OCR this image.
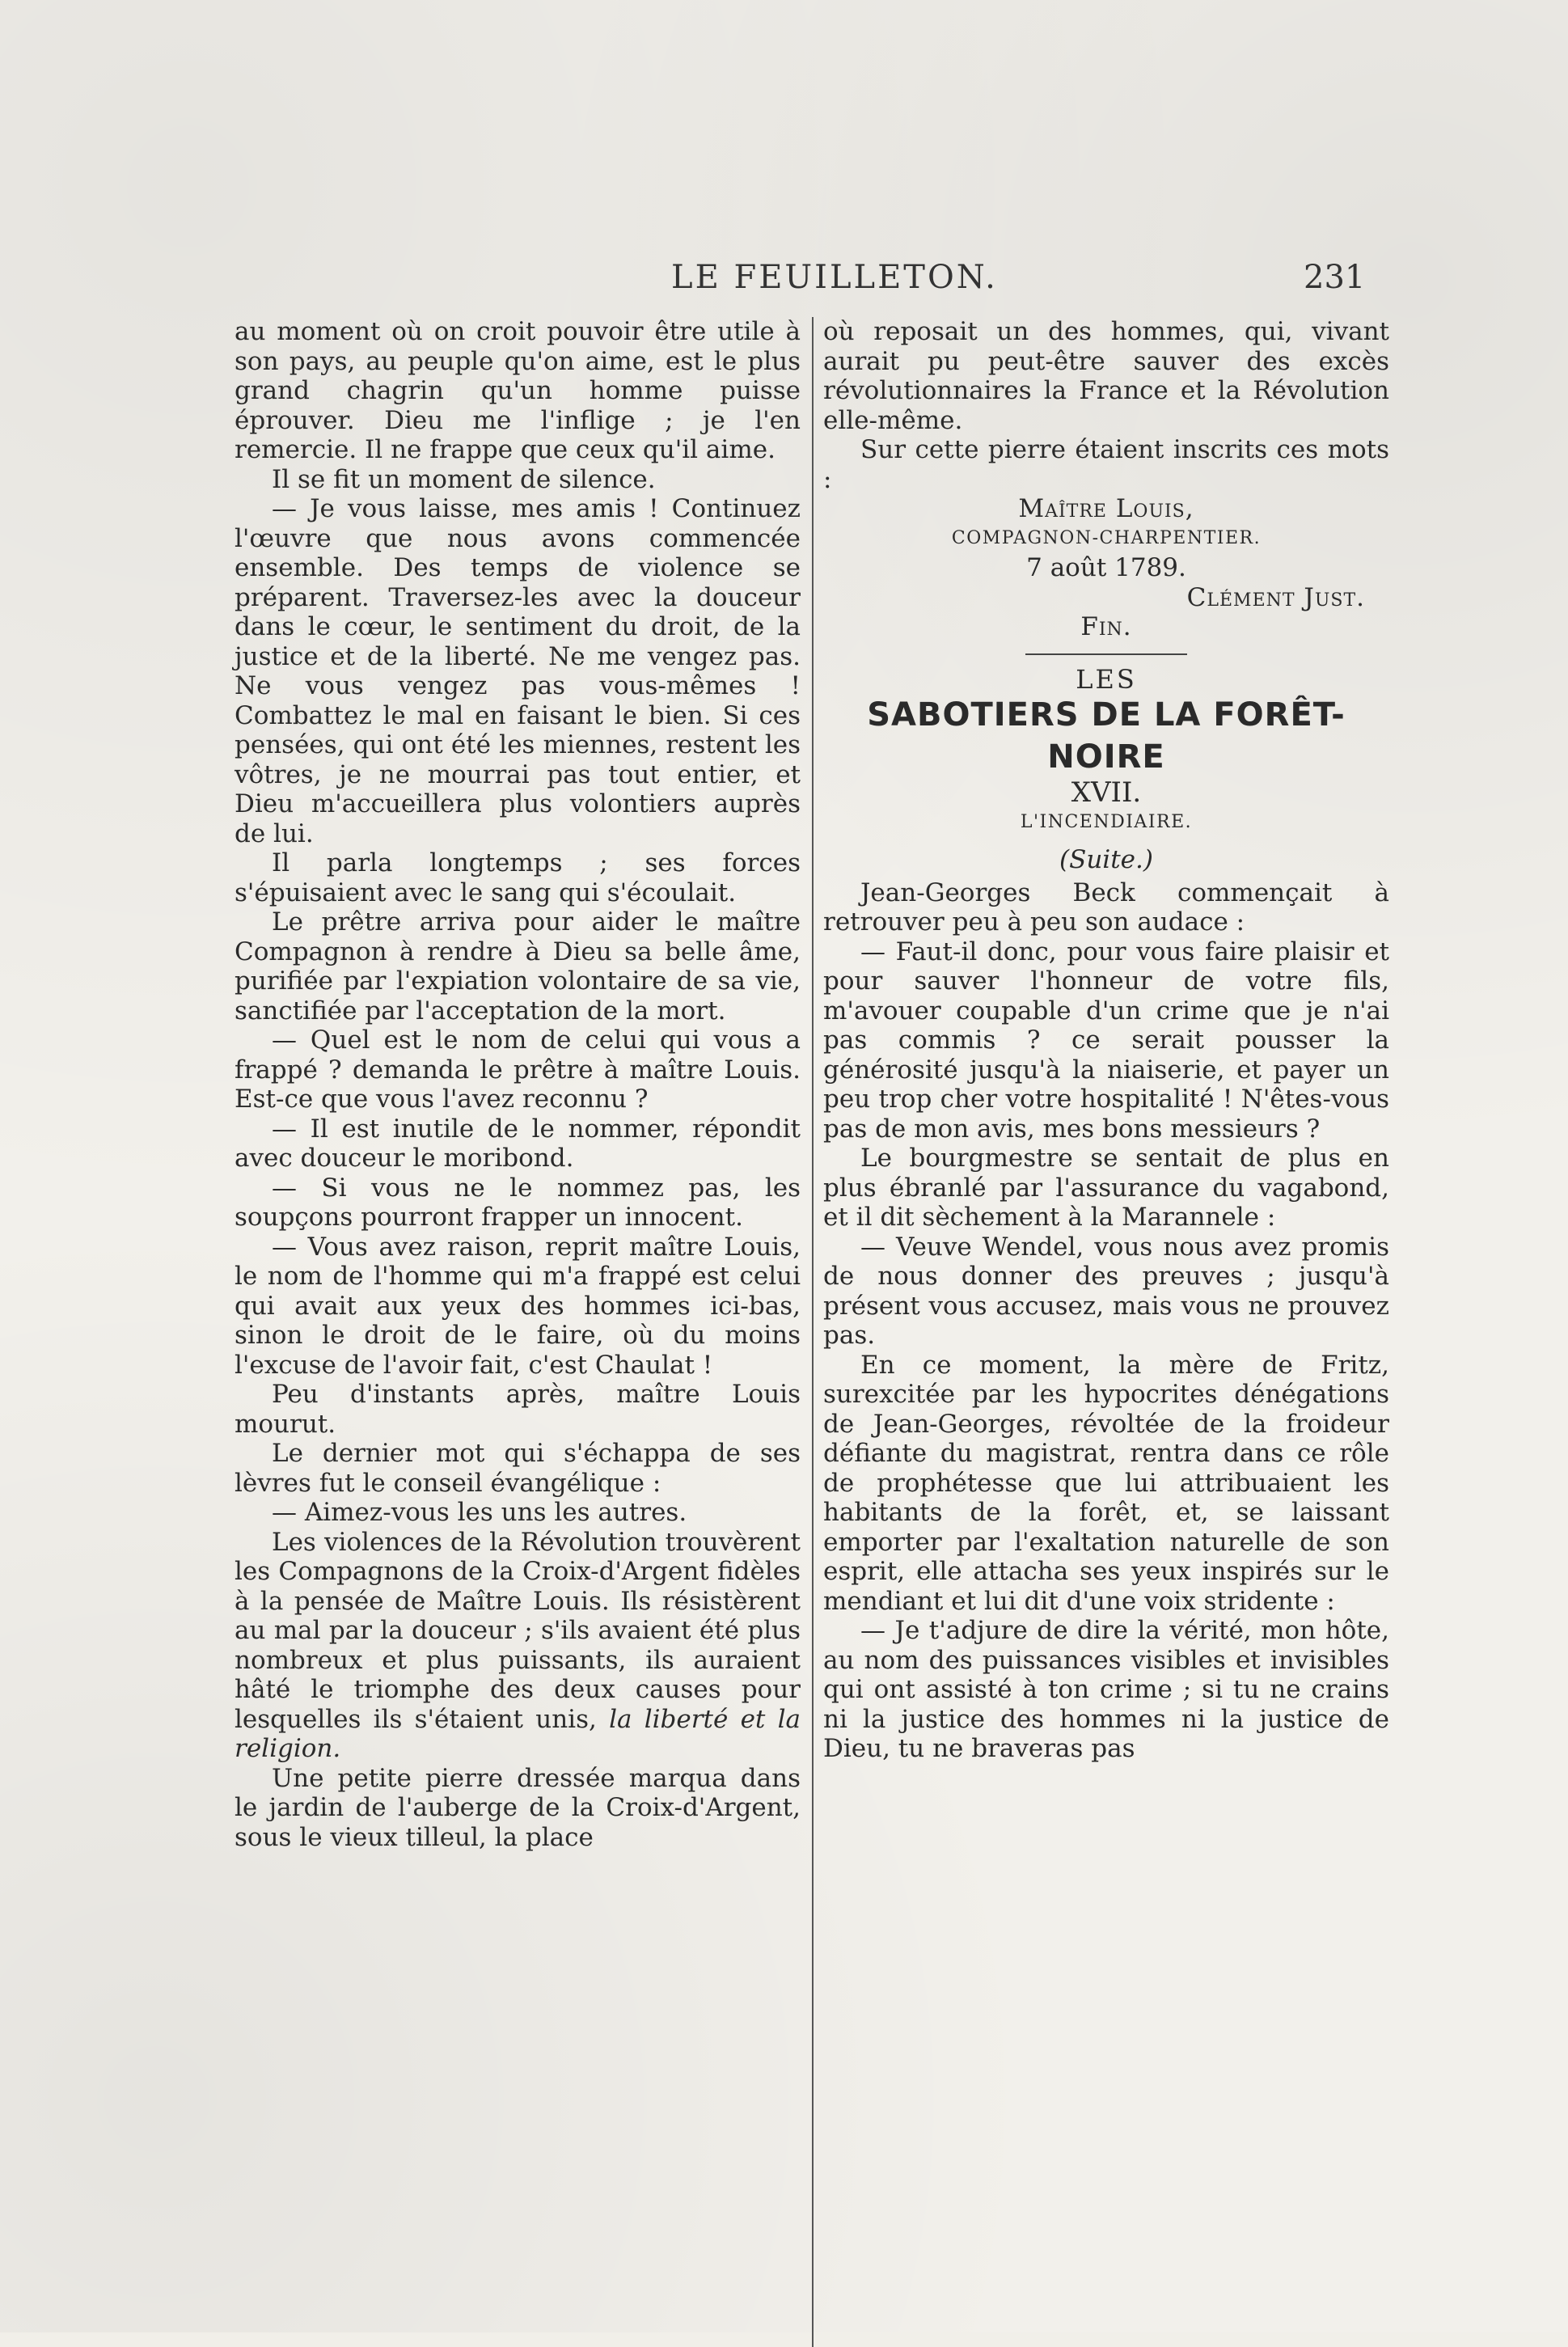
LE FEUILLETON.	231

au moment où on croit pouvoir être utile à son pays, au peuple qu'on aime, est le plus grand chagrin qu'un homme puisse éprouver. Dieu me l'inflige ; je l'en remercie. Il ne frappe que ceux qu'il aime.

Il se fit un moment de silence.

— Je vous laisse, mes amis ! Continuez l'œuvre que nous avons commencée ensemble. Des temps de violence se préparent. Traversez-les avec la douceur dans le cœur, le sentiment du droit, de la justice et de la liberté. Ne me vengez pas. Ne vous vengez pas vous-mêmes ! Combattez le mal en faisant le bien. Si ces pensées, qui ont été les miennes, restent les vôtres, je ne mourrai pas tout entier, et Dieu m'accueillera plus volontiers auprès de lui.

Il parla longtemps ; ses forces s'épuisaient avec le sang qui s'écoulait.

Le prêtre arriva pour aider le maître Compagnon à rendre à Dieu sa belle âme, purifiée par l'expiation volontaire de sa vie, sanctifiée par l'acceptation de la mort.

— Quel est le nom de celui qui vous a frappé ? demanda le prêtre à maître Louis. Est-ce que vous l'avez reconnu ?

— Il est inutile de le nommer, répondit avec douceur le moribond.

— Si vous ne le nommez pas, les soupçons pourront frapper un innocent.

— Vous avez raison, reprit maître Louis, le nom de l'homme qui m'a frappé est celui qui avait aux yeux des hommes ici-bas, sinon le droit de le faire, où du moins l'excuse de l'avoir fait, c'est Chaulat !

Peu d'instants après, maître Louis mourut.

Le dernier mot qui s'échappa de ses lèvres fut le conseil évangélique :

— Aimez-vous les uns les autres.

Les violences de la Révolution trouvèrent les Compagnons de la Croix-d'Argent fidèles à la pensée de Maître Louis. Ils résistèrent au mal par la douceur ; s'ils avaient été plus nombreux et plus puissants, ils auraient hâté le triomphe des deux causes pour lesquelles ils s'étaient unis, la liberté et la religion.

Une petite pierre dressée marqua dans le jardin de l'auberge de la Croix-d'Argent, sous le vieux tilleul, la place

où reposait un des hommes, qui, vivant aurait pu peut-être sauver des excès révolutionnaires la France et la Révolution elle-même.

Sur cette pierre étaient inscrits ces mots :

Maître Louis,

COMPAGNON-CHARPENTIER.

7 août 1789.

Clément Just.

Fin.

LES

SABOTIERS DE LA FORÊT-NOIRE

XVII.

L'INCENDIAIRE.

(Suite.)

Jean-Georges Beck commençait à retrouver peu à peu son audace :

— Faut-il donc, pour vous faire plaisir et pour sauver l'honneur de votre fils, m'avouer coupable d'un crime que je n'ai pas commis ? ce serait pousser la générosité jusqu'à la niaiserie, et payer un peu trop cher votre hospitalité ! N'êtes-vous pas de mon avis, mes bons messieurs ?

Le bourgmestre se sentait de plus en plus ébranlé par l'assurance du vagabond, et il dit sèchement à la Marannele :

— Veuve Wendel, vous nous avez promis de nous donner des preuves ; jusqu'à présent vous accusez, mais vous ne prouvez pas.

En ce moment, la mère de Fritz, surexcitée par les hypocrites dénégations de Jean-Georges, révoltée de la froideur défiante du magistrat, rentra dans ce rôle de prophétesse que lui attribuaient les habitants de la forêt, et, se laissant emporter par l'exaltation naturelle de son esprit, elle attacha ses yeux inspirés sur le mendiant et lui dit d'une voix stridente :

— Je t'adjure de dire la vérité, mon hôte, au nom des puissances visibles et invisibles qui ont assisté à ton crime ; si tu ne crains ni la justice des hommes ni la justice de Dieu, tu ne braveras pas
